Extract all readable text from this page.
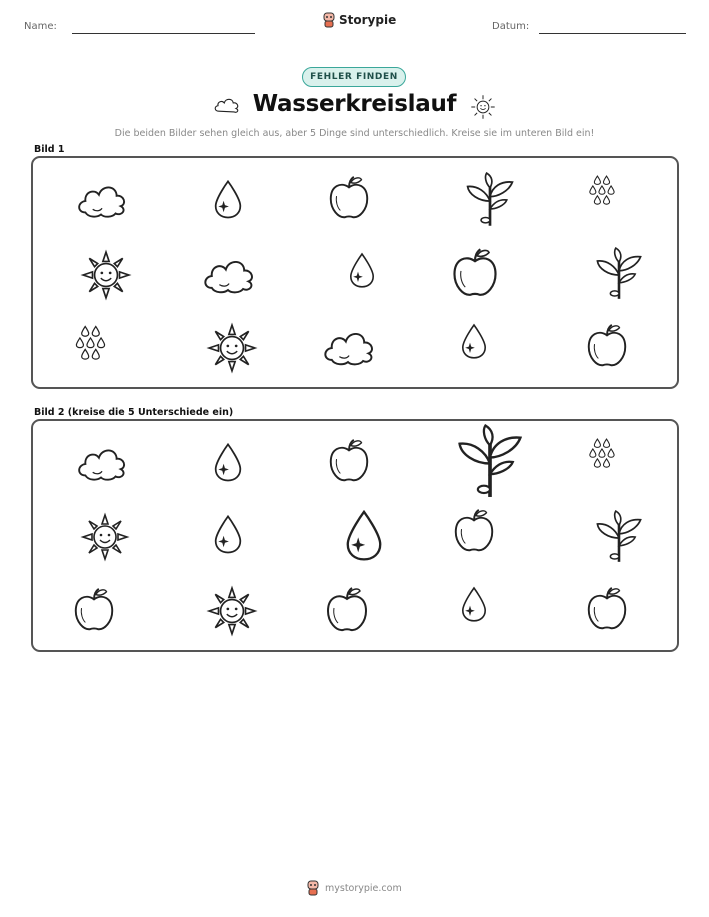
Name:	Storypie	Datum:
FEHLER FINDEN
Wasserkreislauf
Die beiden Bilder sehen gleich aus, aber 5 Dinge sind unterschiedlich. Kreise sie im unteren Bild ein!
Bild 1
Bild 2 (kreise die 5 Unterschiede ein)
mystorypie.com
